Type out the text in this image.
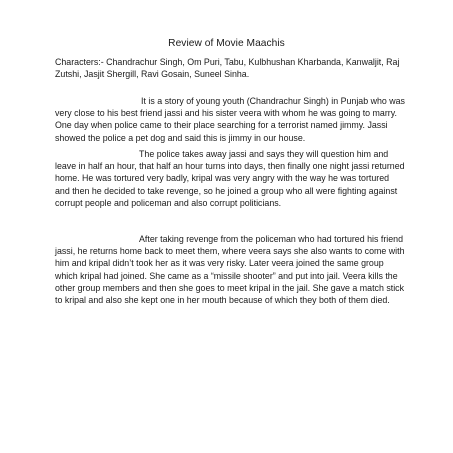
Review of Movie Maachis

Characters:- Chandrachur Singh, Om Puri, Tabu, Kulbhushan Kharbanda, Kanwaljit, Raj Zutshi, Jasjit Shergill, Ravi Gosain, Suneel Sinha.

It is a story of young youth (Chandrachur Singh) in Punjab who was very close to his best friend jassi and his sister veera with whom he was going to marry. One day when police came to their place searching for a terrorist named jimmy. Jassi showed the police a pet dog and said this is jimmy in our house.

The police takes away jassi and says they will question him and leave in half an hour, that half an hour turns into days, then finally one night jassi returned home. He was tortured very badly, kripal was very angry with the way he was tortured and then he decided to take revenge, so he joined a group who all were fighting against corrupt people and policeman and also corrupt politicians.

After taking revenge from the policeman who had tortured his friend jassi, he returns home back to meet them, where veera says she also wants to come with him and kripal didn’t took her as it was very risky. Later veera joined the same group which kripal had joined. She came as a “missile shooter” and put into jail. Veera kills the other group members and then she goes to meet kripal in the jail. She gave a match stick to kripal and also she kept one in her mouth because of which they both of them died.
